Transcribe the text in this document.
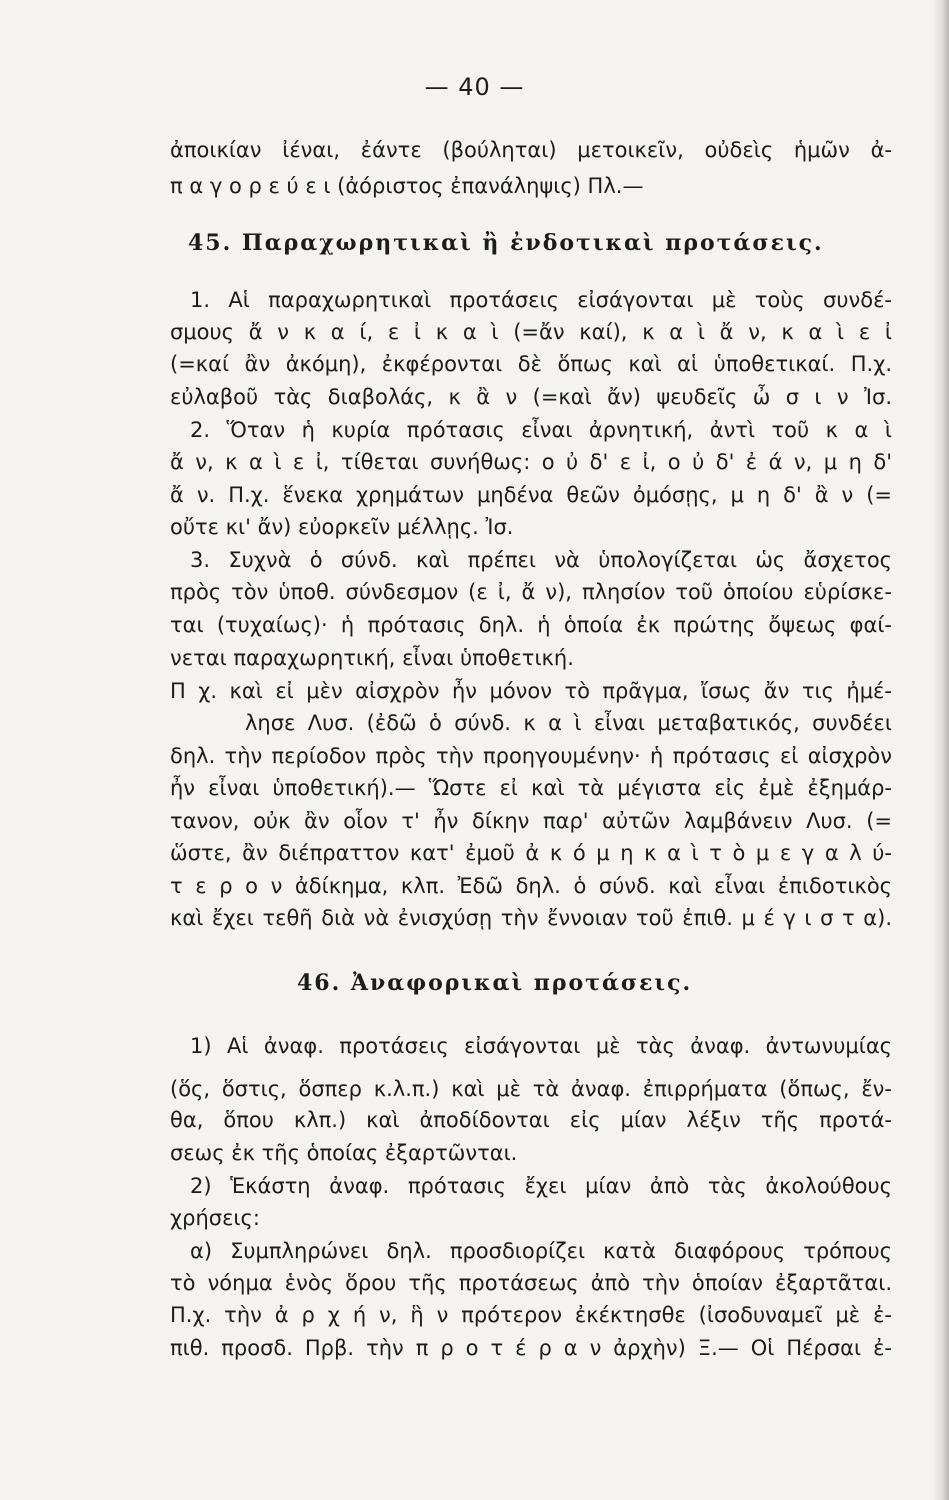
— 40 —
ἀποικίαν ἰέναι, ἐάντε (βούληται) μετοικεῖν, οὐδεὶς ἡμῶν ἀ-
π α γ ο ρ ε ύ ε ι (ἀόριστος ἐπανάληψις) Πλ.—
45. Παραχωρητικαὶ ἢ ἐνδοτικαὶ προτάσεις.
1. Αἱ παραχωρητικαὶ προτάσεις εἰσάγονται μὲ τοὺς συνδέ-
σμους ἄ ν κ α ί, ε ἰ κ α ὶ (=ἄν καί), κ α ὶ ἄ ν, κ α ὶ ε ἰ
(=καί ἂν ἀκόμη), ἐκφέρονται δὲ ὅπως καὶ αἱ ὑποθετικαί. Π.χ.
εὐλαβοῦ τὰς διαβολάς, κ ἂ ν (=καὶ ἄν) ψευδεῖς ὦ σ ι ν Ἰσ.
2. Ὅταν ἡ κυρία πρότασις εἶναι ἀρνητική, ἀντὶ τοῦ κ α ὶ
ἄ ν, κ α ὶ ε ἰ, τίθεται συνήθως: ο ὐ δ' ε ἰ, ο ὐ δ' ἐ ά ν, μ η δ'
ἄ ν. Π.χ. ἕνεκα χρημάτων μηδένα θεῶν ὀμόσῃς, μ η δ' ἂ ν (=
οὔτε κι' ἄν) εὐορκεῖν μέλλῃς. Ἰσ.
3. Συχνὰ ὁ σύνδ. καὶ πρέπει νὰ ὑπολογίζεται ὡς ἄσχετος
πρὸς τὸν ὑποθ. σύνδεσμον (ε ἰ, ἄ ν), πλησίον τοῦ ὁποίου εὑρίσκε-
ται (τυχαίως)· ἡ πρότασις δηλ. ἡ ὁποία ἐκ πρώτης ὄψεως φαί-
νεται παραχωρητική, εἶναι ὑποθετική.
Π χ. καὶ εἰ μὲν αἰσχρὸν ἦν μόνον τὸ πρᾶγμα, ἴσως ἄν τις ἠμέ-
λησε Λυσ. (ἐδῶ ὁ σύνδ. κ α ὶ εἶναι μεταβατικός, συνδέει
δηλ. τὴν περίοδον πρὸς τὴν προηγουμένην· ἡ πρότασις εἰ αἰσχρὸν
ἦν εἶναι ὑποθετική).— Ὥστε εἰ καὶ τὰ μέγιστα εἰς ἐμὲ ἐξημάρ-
τανον, οὐκ ἂν οἷον τ' ἦν δίκην παρ' αὐτῶν λαμβάνειν Λυσ. (=
ὥστε, ἂν διέπραττον κατ' ἐμοῦ ἀ κ ό μ η κ α ὶ τ ὸ μ ε γ α λ ύ-
τ ε ρ ο ν ἀδίκημα, κλπ. Ἐδῶ δηλ. ὁ σύνδ. καὶ εἶναι ἐπιδοτικὸς
καὶ ἔχει τεθῆ διὰ νὰ ἐνισχύσῃ τὴν ἔννοιαν τοῦ ἐπιθ. μ έ γ ι σ τ α).
46. Ἀναφορικαὶ προτάσεις.
1) Αἱ ἀναφ. προτάσεις εἰσάγονται μὲ τὰς ἀναφ. ἀντωνυμίας
(ὅς, ὅστις, ὅσπερ κ.λ.π.) καὶ μὲ τὰ ἀναφ. ἐπιρρήματα (ὅπως, ἔν-
θα, ὅπου κλπ.) καὶ ἀποδίδονται εἰς μίαν λέξιν τῆς προτά-
σεως ἐκ τῆς ὁποίας ἐξαρτῶνται.
2) Ἑκάστη ἀναφ. πρότασις ἔχει μίαν ἀπὸ τὰς ἀκολούθους
χρήσεις:
α) Συμπληρώνει δηλ. προσδιορίζει κατὰ διαφόρους τρόπους
τὸ νόημα ἑνὸς ὅρου τῆς προτάσεως ἀπὸ τὴν ὁποίαν ἐξαρτᾶται.
Π.χ. τὴν ἀ ρ χ ή ν, ἣ ν πρότερον ἐκέκτησθε (ἰσοδυναμεῖ μὲ ἐ-
πιθ. προσδ. Πρβ. τὴν π ρ ο τ έ ρ α ν ἀρχὴν) Ξ.— Οἱ Πέρσαι ἐ-
